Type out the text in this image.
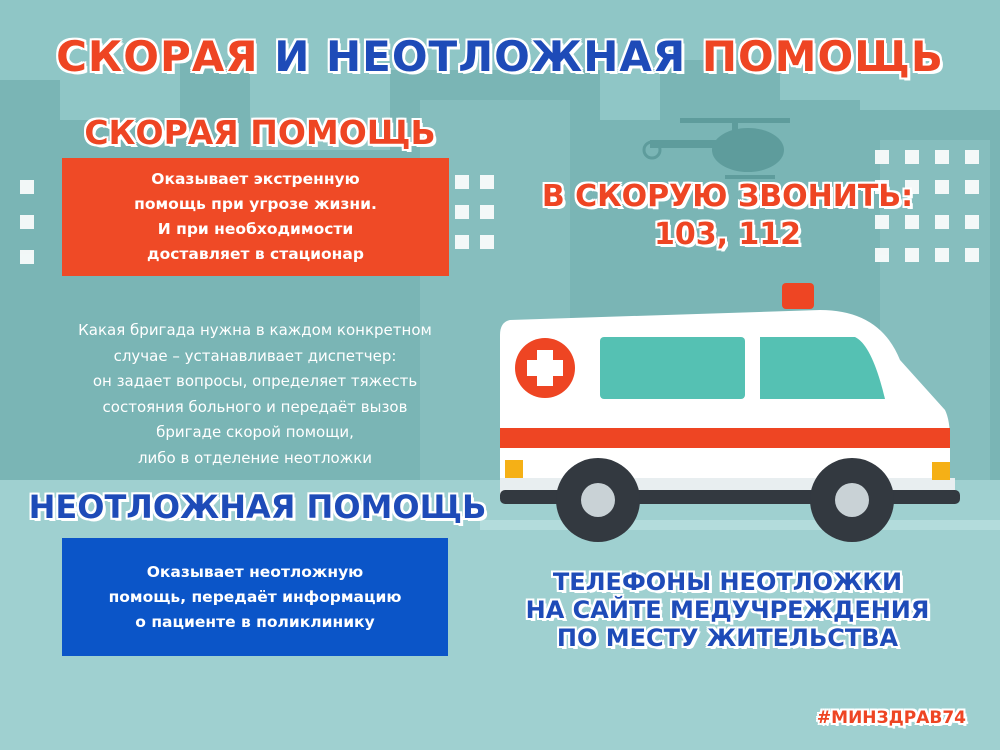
СКОРАЯ И НЕОТЛОЖНАЯ ПОМОЩЬ
СКОРАЯ ПОМОЩЬ
Оказывает экстренную
помощь при угрозе жизни.
И при необходимости
доставляет в стационар
Какая бригада нужна в каждом конкретном
случае – устанавливает диспетчер:
он задает вопросы, определяет тяжесть
состояния больного и передаёт вызов
бригаде скорой помощи,
либо в отделение неотложки
В СКОРУЮ ЗВОНИТЬ:
103, 112
НЕОТЛОЖНАЯ ПОМОЩЬ
Оказывает неотложную
помощь, передаёт информацию
о пациенте в поликлинику
ТЕЛЕФОНЫ НЕОТЛОЖКИ
НА САЙТЕ МЕДУЧРЕЖДЕНИЯ
ПО МЕСТУ ЖИТЕЛЬСТВА
#МИНЗДРАВ74
